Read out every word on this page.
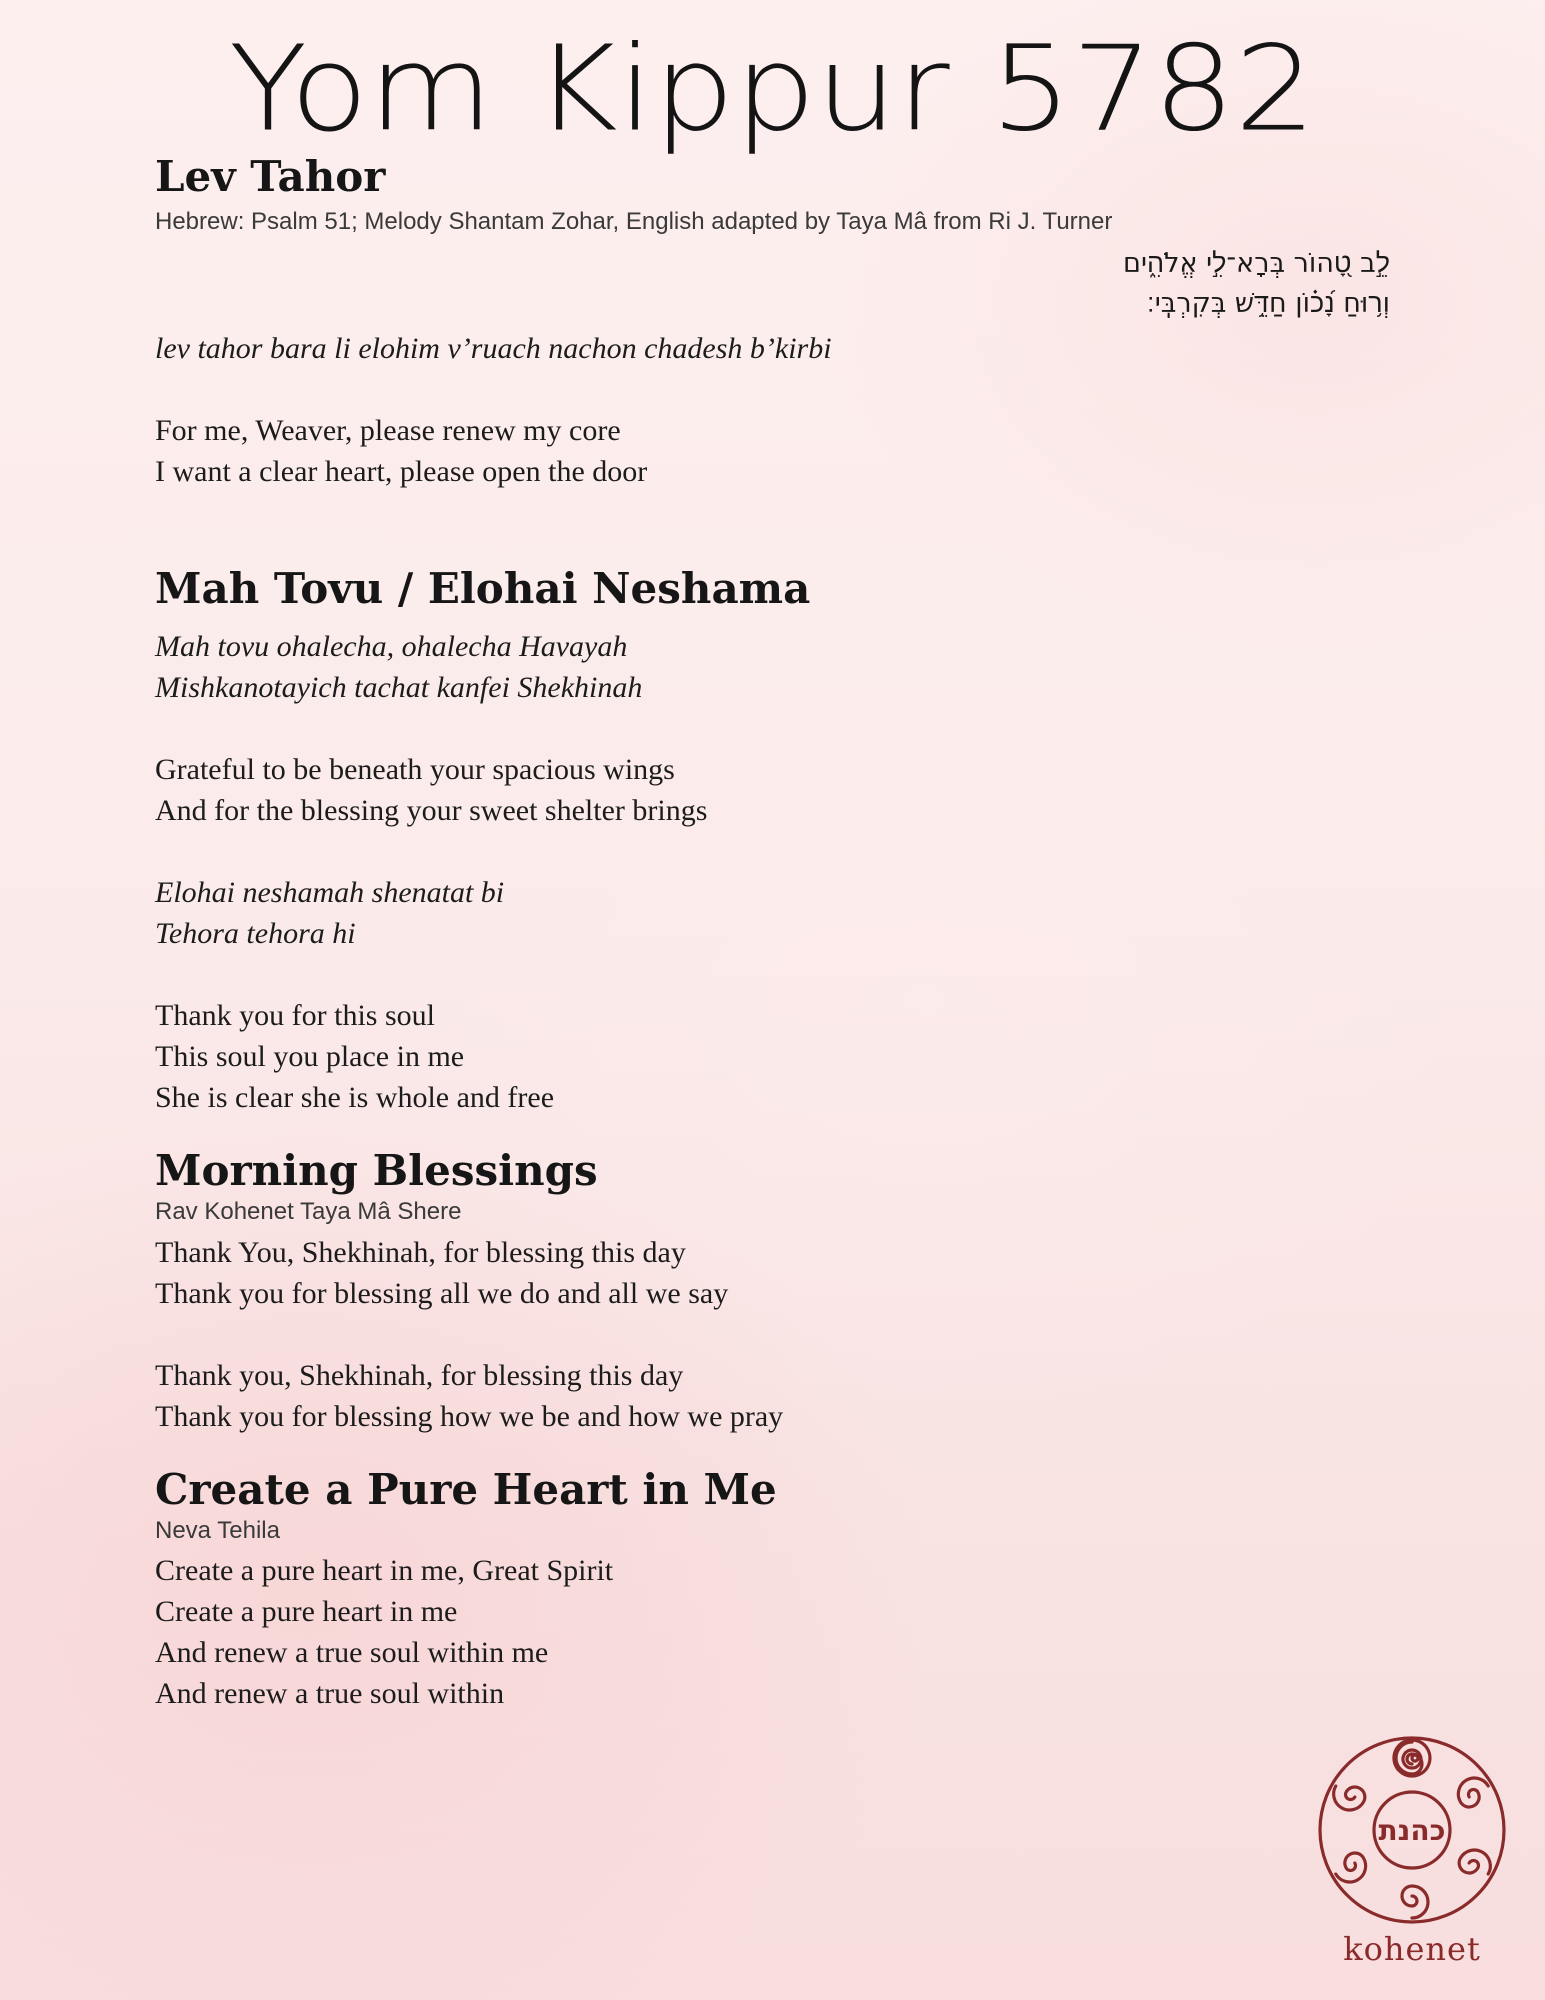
Yom Kippur 5782
Lev Tahor

Hebrew: Psalm 51; Melody Shantam Zohar, English adapted by Taya Mâ from Ri J. Turner

לֵ֣ב טָ֭הוֹר בְּרָא־לִ֣י אֱלֹהִ֑ים
וְר֥וּחַ נָ֝כ֗וֹן חַדֵּ֥שׁ בְּקִרְבִּֽי׃
lev tahor bara li elohim v’ruach nachon chadesh b’kirbi
For me, Weaver, please renew my core
I want a clear heart, please open the door
Mah Tovu / Elohai Neshama
Mah tovu ohalecha, ohalecha Havayah
Mishkanotayich tachat kanfei Shekhinah
Grateful to be beneath your spacious wings
And for the blessing your sweet shelter brings
Elohai neshamah shenatat bi
Tehora tehora hi
Thank you for this soul
This soul you place in me
She is clear she is whole and free
Morning Blessings

Rav Kohenet Taya Mâ Shere

Thank You, Shekhinah, for blessing this day
Thank you for blessing all we do and all we say
Thank you, Shekhinah, for blessing this day
Thank you for blessing how we be and how we pray
Create a Pure Heart in Me

Neva Tehila

Create a pure heart in me, Great Spirit
Create a pure heart in me
And renew a true soul within me
And renew a true soul within
כהנת
kohenet
